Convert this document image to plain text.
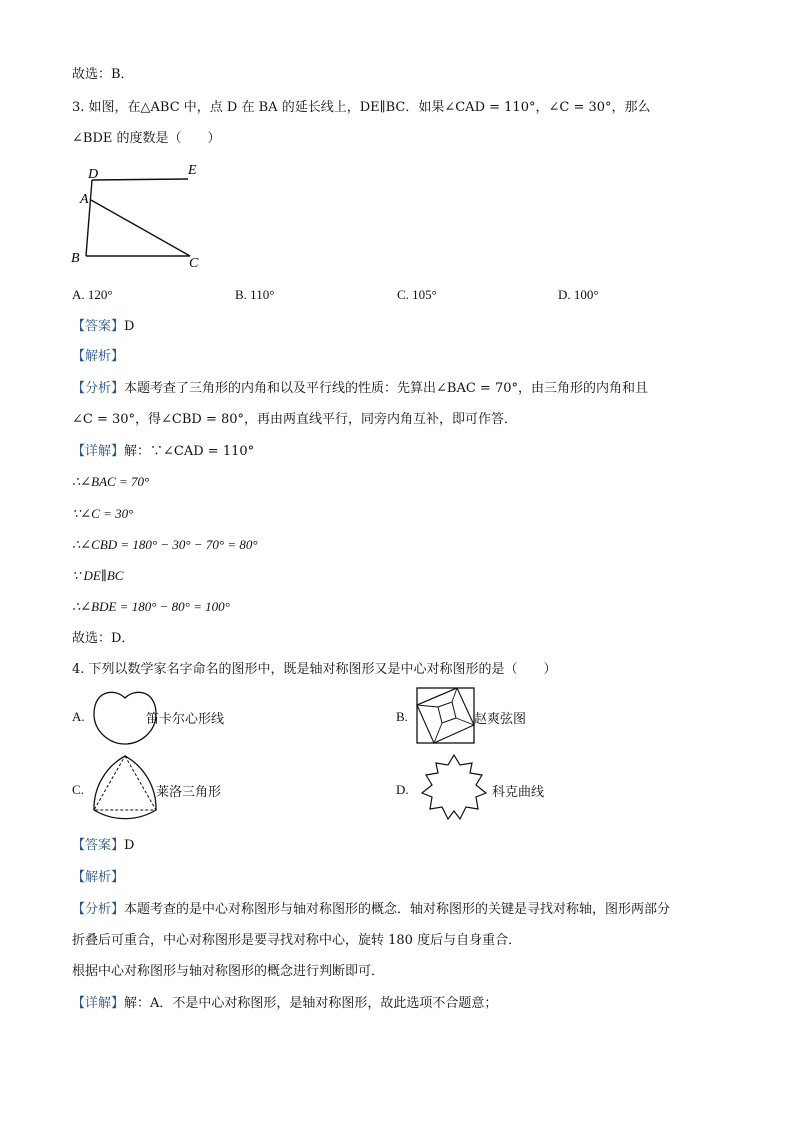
故选：B．
3. 如图，在△ABC 中，点 D 在 BA 的延长线上，DE∥BC．如果∠CAD = 110°，∠C = 30°，那么
∠BDE 的度数是（　　）
D	E
A
B	C
A. 120°	B. 110°	C. 105°	D. 100°
【答案】D
【解析】
【分析】本题考查了三角形的内角和以及平行线的性质：先算出∠BAC = 70°，由三角形的内角和且
∠C = 30°，得∠CBD = 80°，再由两直线平行，同旁内角互补，即可作答．
【详解】解：∵∠CAD = 110°
∴∠BAC = 70°
∵∠C = 30°
∴∠CBD = 180° − 30° − 70° = 80°
∵ DE∥BC
∴∠BDE = 180° − 80° = 100°
故选：D．
4. 下列以数学家名字命名的图形中，既是轴对称图形又是中心对称图形的是（　　）
A.	笛卡尔心形线	B.	赵爽弦图
C.	莱洛三角形	D.	科克曲线
【答案】D
【解析】
【分析】本题考查的是中心对称图形与轴对称图形的概念．轴对称图形的关键是寻找对称轴，图形两部分
折叠后可重合，中心对称图形是要寻找对称中心，旋转 180 度后与自身重合．
根据中心对称图形与轴对称图形的概念进行判断即可．
【详解】解：A．不是中心对称图形，是轴对称图形，故此选项不合题意；
